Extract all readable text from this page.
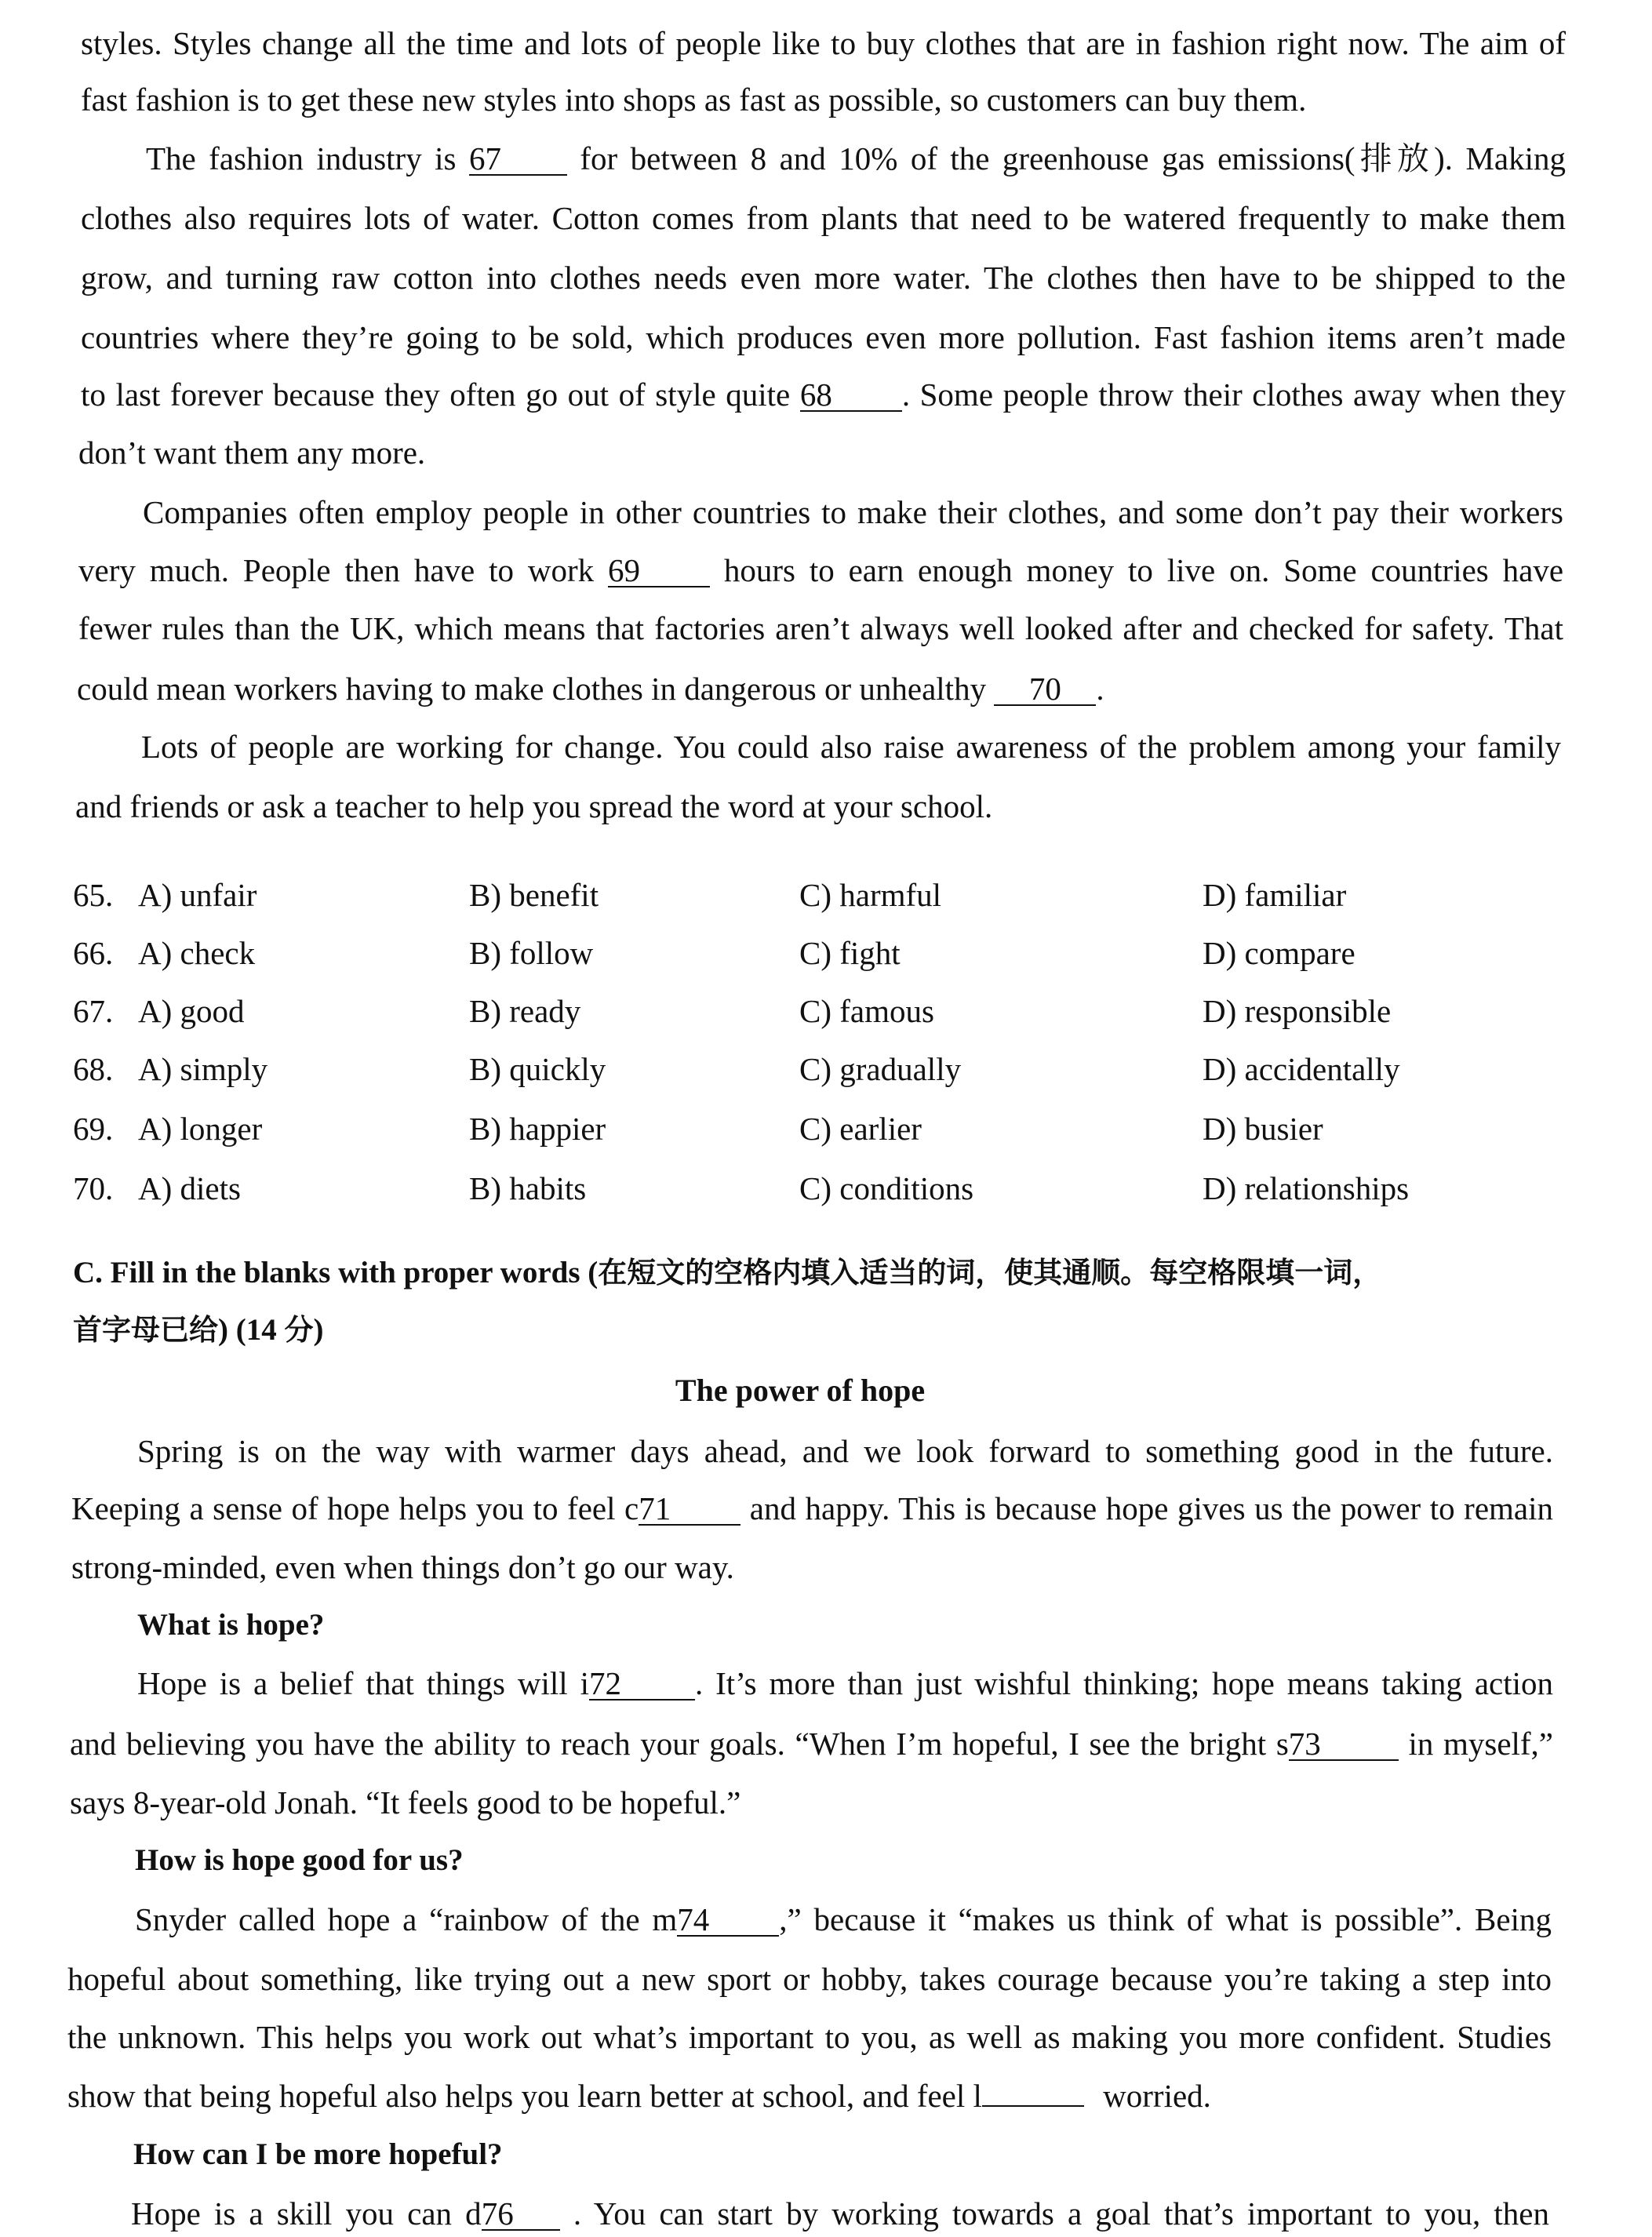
styles. Styles change all the time and lots of people like to buy clothes that are in fashion right now. The aim of
fast fashion is to get these new styles into shops as fast as possible, so customers can buy them.
The fashion industry is 67 for between 8 and 10% of the greenhouse gas emissions(排放). Making
clothes also requires lots of water. Cotton comes from plants that need to be watered frequently to make them
grow, and turning raw cotton into clothes needs even more water. The clothes then have to be shipped to the
countries where they’re going to be sold, which produces even more pollution. Fast fashion items aren’t made
to last forever because they often go out of style quite 68 . Some people throw their clothes away when they
don’t want them any more.
Companies often employ people in other countries to make their clothes, and some don’t pay their workers
very much. People then have to work 69	hours to earn enough money to live on. Some countries have
fewer rules than the UK, which means that factories aren’t always well looked after and checked for safety. That
could mean workers having to make clothes in dangerous or unhealthy 70 .
Lots of people are working for change. You could also raise awareness of the problem among your family
and friends or ask a teacher to help you spread the word at your school.
65. A) unfair	B) benefit	C) harmful	D) familiar
66. A) check	B) follow	C) fight	D) compare
67. A) good	B) ready	C) famous	D) responsible
68. A) simply	B) quickly	C) gradually	D) accidentally
69. A) longer	B) happier	C) earlier	D) busier
70. A) diets	B) habits	C) conditions	D) relationships
C. Fill in the blanks with proper words (在短文的空格内填入适当的词，使其通顺。每空格限填一词，
首字母已给) (14 分)
The power of hope
Spring is on the way with warmer days ahead, and we look forward to something good in the future.
Keeping a sense of hope helps you to feel c71 and happy. This is because hope gives us the power to remain
strong-minded, even when things don’t go our way.
What is hope?
Hope is a belief that things will i72 . It’s more than just wishful thinking; hope means taking action
and believing you have the ability to reach your goals. “When I’m hopeful, I see the bright s73	in myself,”
says 8-year-old Jonah. “It feels good to be hopeful.”
How is hope good for us?
Snyder called hope a “rainbow of the m74 ,” because it “makes us think of what is possible”. Being
hopeful about something, like trying out a new sport or hobby, takes courage because you’re taking a step into
the unknown. This helps you work out what’s important to you, as well as making you more confident. Studies
show that being hopeful also helps you learn better at school, and feel l	worried.
How can I be more hopeful?
Hope is a skill you can d76 . You can start by working towards a goal that’s important to you, then
